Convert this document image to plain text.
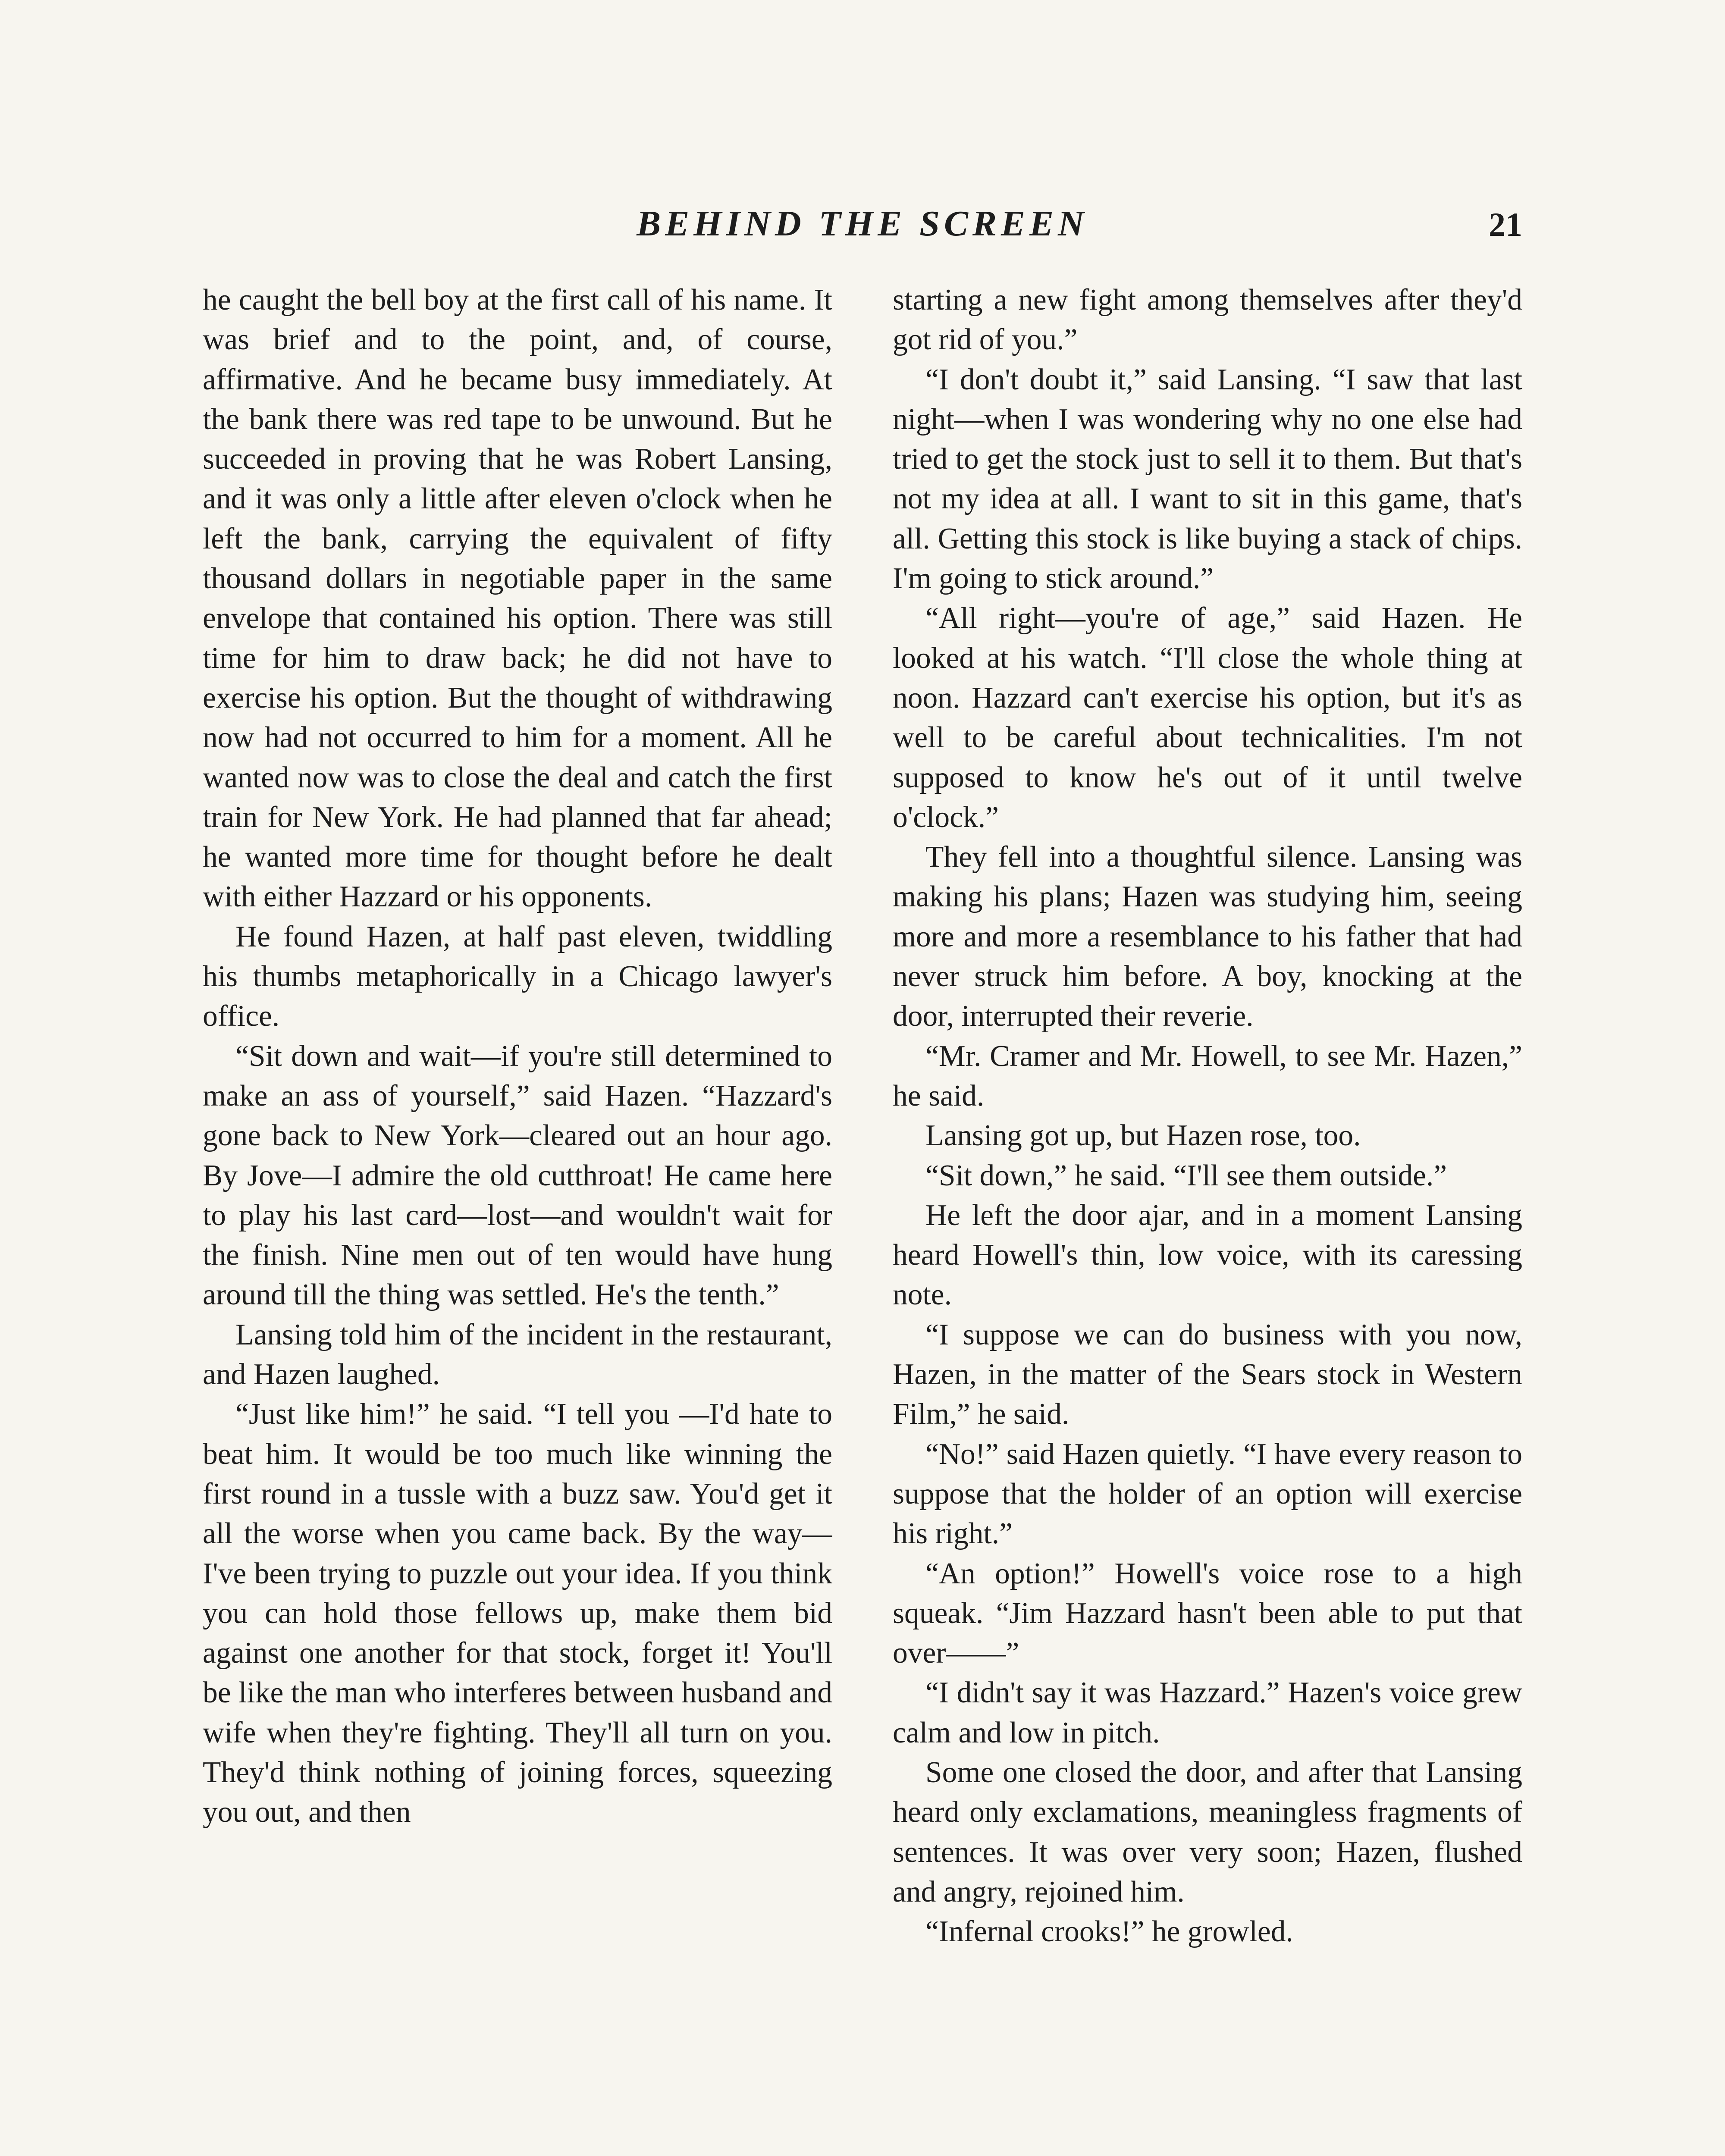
BEHIND THE SCREEN	21

he caught the bell boy at the first call of his name. It was brief and to the point, and, of course, affirmative. And he became busy immediately. At the bank there was red tape to be unwound. But he succeeded in proving that he was Robert Lansing, and it was only a little after eleven o'clock when he left the bank, carrying the equivalent of fifty thousand dollars in negotiable paper in the same envelope that contained his option. There was still time for him to draw back; he did not have to exercise his option. But the thought of withdrawing now had not occurred to him for a moment. All he wanted now was to close the deal and catch the first train for New York. He had planned that far ahead; he wanted more time for thought before he dealt with either Hazzard or his opponents.

He found Hazen, at half past eleven, twiddling his thumbs metaphorically in a Chicago lawyer's office.

“Sit down and wait—if you're still determined to make an ass of yourself,” said Hazen. “Hazzard's gone back to New York—cleared out an hour ago. By Jove—I admire the old cutthroat! He came here to play his last card—lost—and wouldn't wait for the finish. Nine men out of ten would have hung around till the thing was settled. He's the tenth.”

Lansing told him of the incident in the restaurant, and Hazen laughed.

“Just like him!” he said. “I tell you —I'd hate to beat him. It would be too much like winning the first round in a tussle with a buzz saw. You'd get it all the worse when you came back. By the way—I've been trying to puzzle out your idea. If you think you can hold those fellows up, make them bid against one another for that stock, forget it! You'll be like the man who interferes between husband and wife when they're fighting. They'll all turn on you. They'd think nothing of joining forces, squeezing you out, and then

starting a new fight among themselves after they'd got rid of you.”

“I don't doubt it,” said Lansing. “I saw that last night—when I was wondering why no one else had tried to get the stock just to sell it to them. But that's not my idea at all. I want to sit in this game, that's all. Getting this stock is like buying a stack of chips. I'm going to stick around.”

“All right—you're of age,” said Hazen. He looked at his watch. “I'll close the whole thing at noon. Hazzard can't exercise his option, but it's as well to be careful about technicalities. I'm not supposed to know he's out of it until twelve o'clock.”

They fell into a thoughtful silence. Lansing was making his plans; Hazen was studying him, seeing more and more a resemblance to his father that had never struck him before. A boy, knocking at the door, interrupted their reverie.

“Mr. Cramer and Mr. Howell, to see Mr. Hazen,” he said.

Lansing got up, but Hazen rose, too.

“Sit down,” he said. “I'll see them outside.”

He left the door ajar, and in a moment Lansing heard Howell's thin, low voice, with its caressing note.

“I suppose we can do business with you now, Hazen, in the matter of the Sears stock in Western Film,” he said.

“No!” said Hazen quietly. “I have every reason to suppose that the holder of an option will exercise his right.”

“An option!” Howell's voice rose to a high squeak. “Jim Hazzard hasn't been able to put that over——”

“I didn't say it was Hazzard.” Hazen's voice grew calm and low in pitch.

Some one closed the door, and after that Lansing heard only exclamations, meaningless fragments of sentences. It was over very soon; Hazen, flushed and angry, rejoined him.

“Infernal crooks!” he growled.
